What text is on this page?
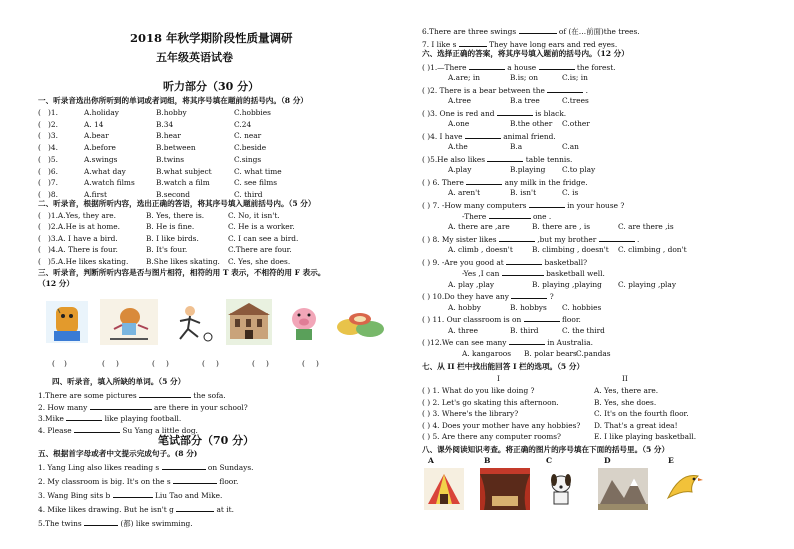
2018 年秋学期阶段性质量调研
五年级英语试卷
听力部分（30 分）
一、听录音选出你所听到的单词或者词组，将其序号填在题前的括号内。（8 分）
( )1.	A.holiday	B.hobby	C.hobbies
( )2.	A. 14	B.34	C.24
( )3.	A.bear	B.hear	C. near
( )4.	A.before	B.between	C.beside
( )5.	A.swings	B.twins	C.sings
( )6.	A.what day	B.what subject	C. what time
( )7.	A.watch films	B.watch a film	C. see films
( )8.	A.first	B.second	C. third
二、听录音，根据所听内容，选出正确的答语，将其序号填入题前括号内。（5 分）
( )1.A.Yes, they are.	B. Yes, there is.	C. No, it isn't.
( )2.A.He is at home.	B. He is fine.	C. He is a worker.
( )3.A. I have a bird.	B. I like birds.	C. I can see a bird.
( )4.A. There is four.	B. It's four.	C.There are four.
( )5.A.He likes skating. B.She likes skating. C. Yes, she does.
三、听录音，判断所听内容是否与图片相符，相符的用 T 表示，不相符的用 F 表示。
（12 分）
( )	( )	( )	( )	( )	( )
四、听录音，填入所缺的单词。（5 分）
1.There are some pictures	the sofa.
2. How many	are there in your school?
3.Mike	like playing football.
4. Please	Su Yang a little dog.
笔试部分（70 分）
五、根据首字母或者中文提示完成句子。(8 分)
1. Yang Ling also likes reading s	on Sundays.
2. My classroom is big. It's on the s	floor.
3. Wang Bing sits b	Liu Tao and Mike.
4. Mike likes drawing. But he isn't g	at it.
5.The twins	(都) like swimming.
6.There are three swings	of (在…前面)the trees.
7. I like s	They have long ears and red eyes.
六、选择正确的答案，将其序号填入题前的括号内。（12 分）
( )1.—There	a house	the forest.
A.are; in	B.is; on	C.is; in
( )2. There is a bear between the	.
A.tree	B.a tree	C.trees
( )3. One is red and	is black.
A.one	B.the other C.other
( )4. I have	animal friend.
A.the	B.a	C.an
( )5.He also likes	table tennis.
A.play	B.playing C.to play
( ) 6. There	any milk in the fridge.
A. aren't	B. isn't	C. is
( ) 7. -How many computers	in your house ?
-There	one .
A. there are ,are	B. there are , is	C. are there ,is
( ) 8. My sister likes	,but my brother	.
A. climb , doesn't	B. climbing , doesn't C. climbing , don't
( ) 9. -Are you good at	basketball?
-Yes ,I can	basketball well.
A. play ,play	B. playing ,playing C. playing ,play
( ) 10.Do they have any	?
A. hobby	B. hobbys C. hobbies
( ) 11. Our classroom is on	floor.
A. three	B. third	C. the third
( )12.We can see many	in Australia.
A. kangaroos B. polar bears C.pandas
七、从 II 栏中找出能回答 I 栏的选项。（5 分）
I	II
( ) 1. What do you like doing ?	A. Yes, there are.
( ) 2. Let's go skating this afternoon.	B. Yes, she does.
( ) 3. Where's the library?	C. It's on the fourth floor.
( ) 4. Does your mother have any hobbies? D. That's a great idea!
( ) 5. Are there any computer rooms?	E. I like playing basketball.
八、课外阅读知识考查。将正确的图片的序号填在下面的括号里。（5 分）
A	B	C	D	E
